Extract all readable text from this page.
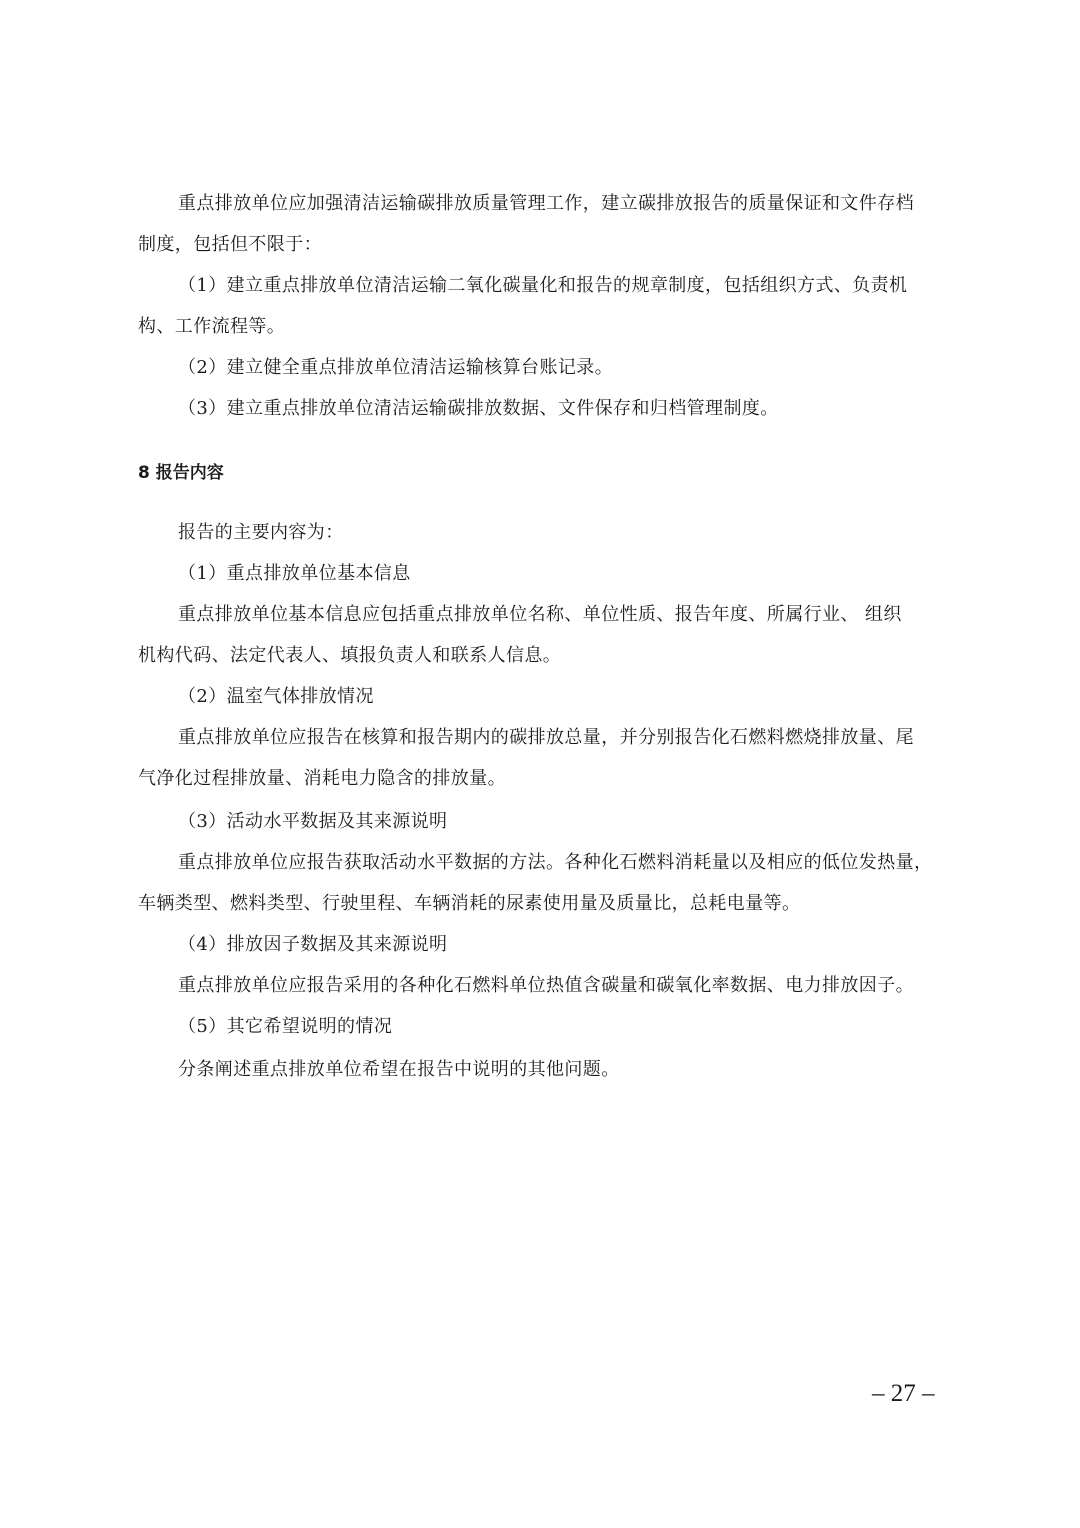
重点排放单位应加强清洁运输碳排放质量管理工作，建立碳排放报告的质量保证和文件存档
制度，包括但不限于：
（1）建立重点排放单位清洁运输二氧化碳量化和报告的规章制度，包括组织方式、负责机
构、工作流程等。
（2）建立健全重点排放单位清洁运输核算台账记录。
（3）建立重点排放单位清洁运输碳排放数据、文件保存和归档管理制度。
8 报告内容
报告的主要内容为：
（1）重点排放单位基本信息
重点排放单位基本信息应包括重点排放单位名称、单位性质、报告年度、所属行业、 组织
机构代码、法定代表人、填报负责人和联系人信息。
（2）温室气体排放情况
重点排放单位应报告在核算和报告期内的碳排放总量，并分别报告化石燃料燃烧排放量、尾
气净化过程排放量、消耗电力隐含的排放量。
（3）活动水平数据及其来源说明
重点排放单位应报告获取活动水平数据的方法。各种化石燃料消耗量以及相应的低位发热量，
车辆类型、燃料类型、行驶里程、车辆消耗的尿素使用量及质量比，总耗电量等。
（4）排放因子数据及其来源说明
重点排放单位应报告采用的各种化石燃料单位热值含碳量和碳氧化率数据、电力排放因子。
（5）其它希望说明的情况
分条阐述重点排放单位希望在报告中说明的其他问题。
– 27 –
